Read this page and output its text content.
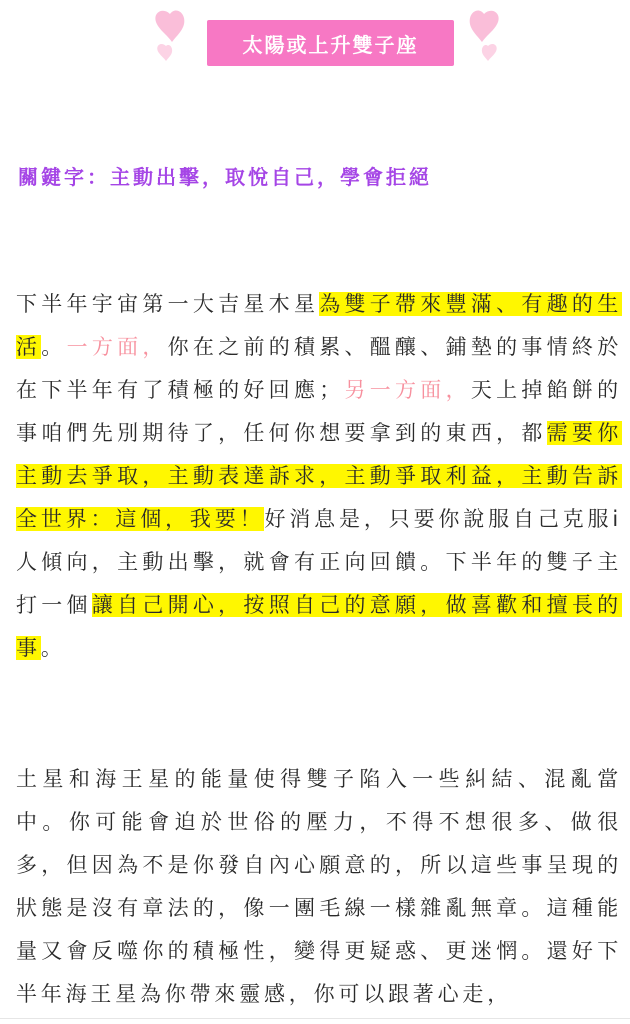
太陽或上升雙子座
關鍵字：主動出擊，取悅自己，學會拒絕
下半年宇宙第一大吉星木星為雙子帶來豐滿、有趣的生活。一方面，你在之前的積累、醞釀、鋪墊的事情終於在下半年有了積極的好回應；另一方面，天上掉餡餅的事咱們先別期待了，任何你想要拿到的東西，都需要你主動去爭取，主動表達訴求，主動爭取利益，主動告訴全世界：這個，我要！好消息是，只要你說服自己克服i人傾向，主動出擊，就會有正向回饋。下半年的雙子主打一個讓自己開心，按照自己的意願，做喜歡和擅長的事。
土星和海王星的能量使得雙子陷入一些糾結、混亂當中。你可能會迫於世俗的壓力，不得不想很多、做很多，但因為不是你發自內心願意的，所以這些事呈現的狀態是沒有章法的，像一團毛線一樣雜亂無章。這種能量又會反噬你的積極性，變得更疑惑、更迷惘。還好下半年海王星為你帶來靈感，你可以跟著心走，
